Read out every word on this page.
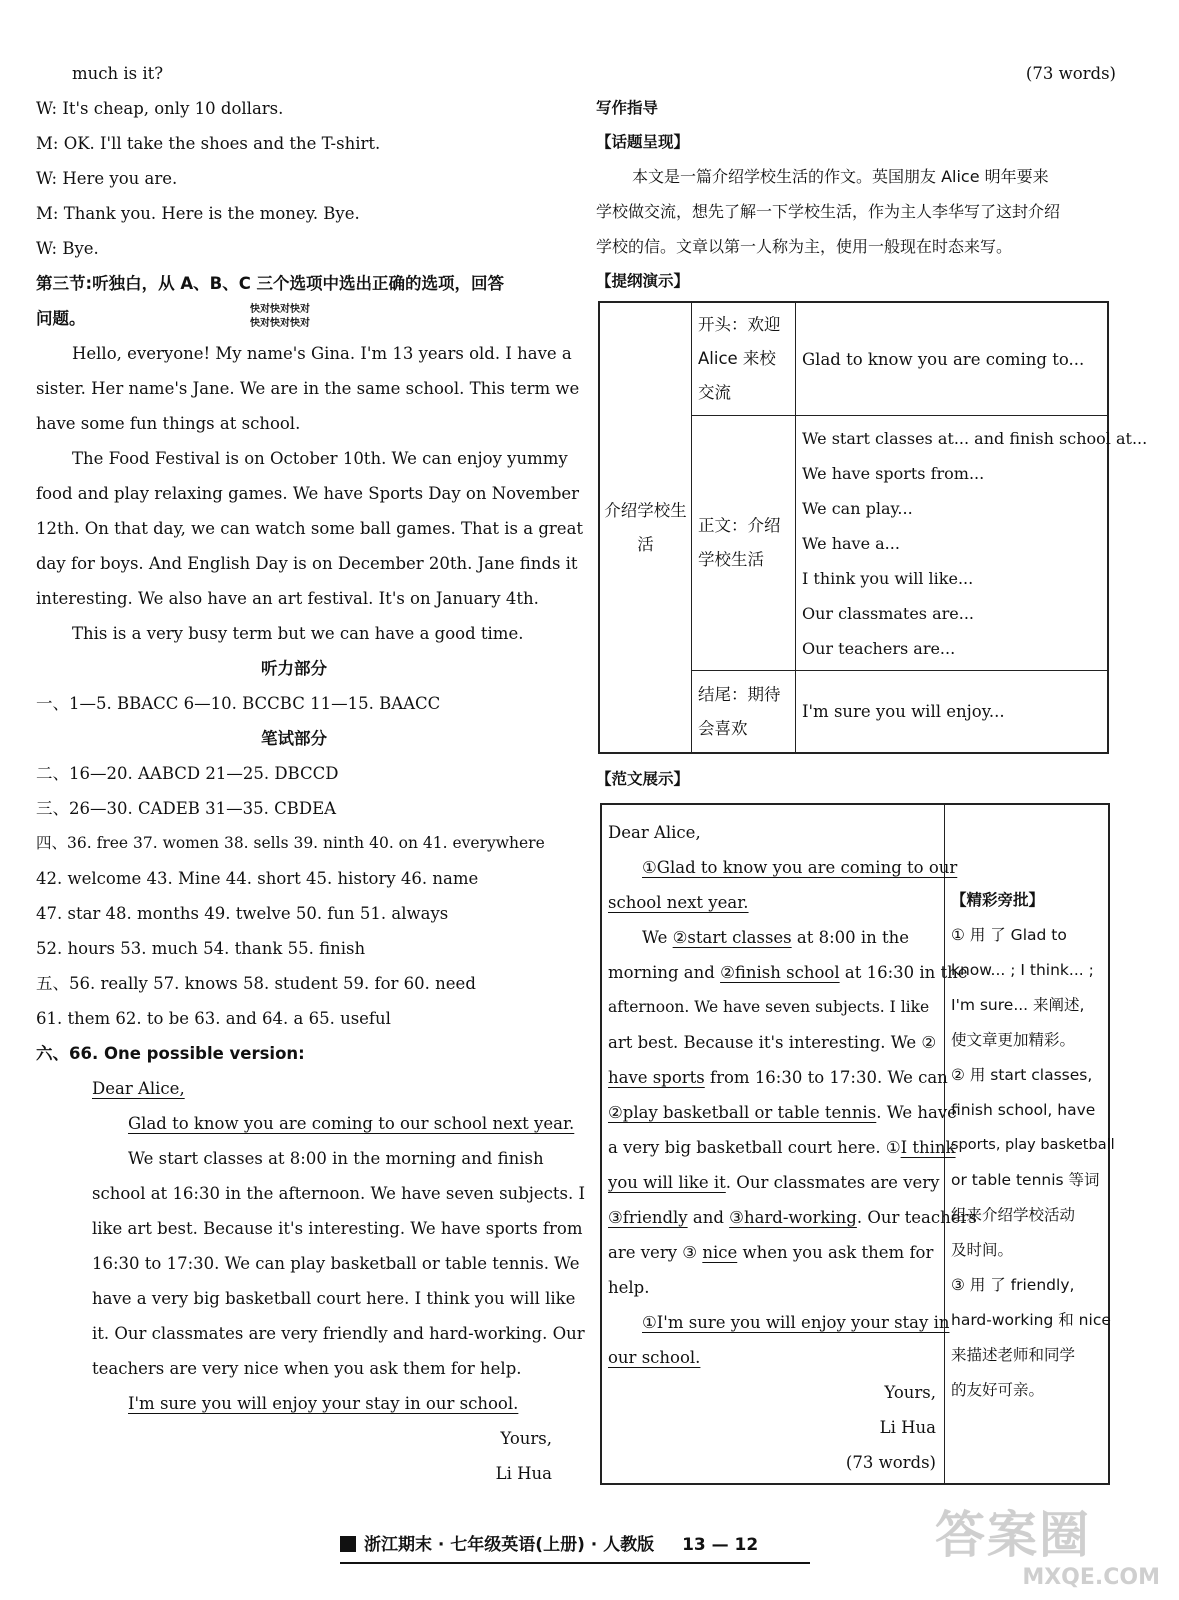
much is it?
W: It's cheap, only 10 dollars.
M: OK. I'll take the shoes and the T-shirt.
W: Here you are.
M: Thank you. Here is the money. Bye.
W: Bye.
第三节:听独白，从 A、B、C 三个选项中选出正确的选项，回答
问题。	快对快对快对
快对快对快对
Hello, everyone! My name's Gina. I'm 13 years old. I have a
sister. Her name's Jane. We are in the same school. This term we
have some fun things at school.
The Food Festival is on October 10th. We can enjoy yummy
food and play relaxing games. We have Sports Day on November
12th. On that day, we can watch some ball games. That is a great
day for boys. And English Day is on December 20th. Jane finds it
interesting. We also have an art festival. It's on January 4th.
This is a very busy term but we can have a good time.
听力部分
一、1—5. BBACC 6—10. BCCBC 11—15. BAACC
笔试部分
二、16—20. AABCD 21—25. DBCCD
三、26—30. CADEB 31—35. CBDEA
四、36. free 37. women 38. sells 39. ninth 40. on 41. everywhere
42. welcome 43. Mine 44. short 45. history 46. name
47. star 48. months 49. twelve 50. fun 51. always
52. hours 53. much 54. thank 55. finish
五、56. really 57. knows 58. student 59. for 60. need
61. them 62. to be 63. and 64. a 65. useful
六、66. One possible version:
Dear Alice,
Glad to know you are coming to our school next year.
We start classes at 8:00 in the morning and finish
school at 16:30 in the afternoon. We have seven subjects. I
like art best. Because it's interesting. We have sports from
16:30 to 17:30. We can play basketball or table tennis. We
have a very big basketball court here. I think you will like
it. Our classmates are very friendly and hard-working. Our
teachers are very nice when you ask them for help.
I'm sure you will enjoy your stay in our school.
Yours,
Li Hua
(73 words)
写作指导
【话题呈现】
本文是一篇介绍学校生活的作文。英国朋友 Alice 明年要来
学校做交流，想先了解一下学校生活，作为主人李华写了这封介绍
学校的信。文章以第一人称为主，使用一般现在时态来写。
【提纲演示】
介绍学校生活
开头：欢迎 Alice 来校交流
Glad to know you are coming to...
正文：介绍学校生活
We start classes at... and finish school at...
We have sports from...
We can play...
We have a...
I think you will like...
Our classmates are...
Our teachers are...
结尾：期待会喜欢
I'm sure you will enjoy...
【范文展示】
Dear Alice,
①Glad to know you are coming to our
school next year.
We ②start classes at 8:00 in the
morning and ②finish school at 16:30 in the
afternoon. We have seven subjects. I like
art best. Because it's interesting. We ②
have sports from 16:30 to 17:30. We can
②play basketball or table tennis. We have
a very big basketball court here. ①I think
you will like it. Our classmates are very
③friendly and ③hard-working. Our teachers
are very ③ nice when you ask them for
help.
①I'm sure you will enjoy your stay in
our school.
Yours,
Li Hua
(73 words)
【精彩旁批】
① 用 了 Glad to
know... ; I think... ;
I'm sure... 来阐述,
使文章更加精彩。
② 用 start classes,
finish school, have
sports, play basketball
or table tennis 等词
组来介绍学校活动
及时间。
③ 用 了 friendly,
hard-working 和 nice
来描述老师和同学
的友好可亲。
浙江期末 · 七年级英语(上册) · 人教版 13 — 12	答案圈
MXQE.COM
